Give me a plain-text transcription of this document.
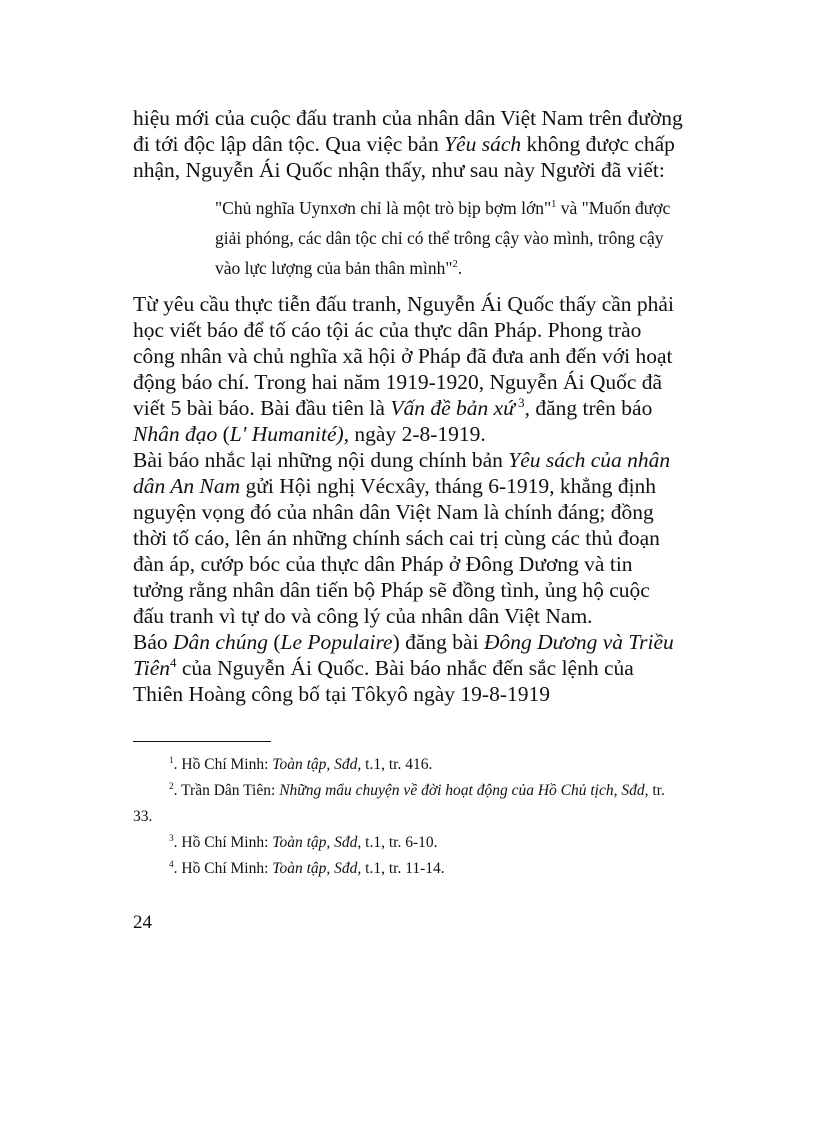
hiệu mới của cuộc đấu tranh của nhân dân Việt Nam trên đường đi tới độc lập dân tộc. Qua việc bản Yêu sách không được chấp nhận, Nguyễn Ái Quốc nhận thấy, như sau này Người đã viết:

"Chủ nghĩa Uynxơn chỉ là một trò bịp bợm lớn"$^1$ và "Muốn được giải phóng, các dân tộc chỉ có thể trông cậy vào mình, trông cậy vào lực lượng của bản thân mình"$^2$.

Từ yêu cầu thực tiễn đấu tranh, Nguyễn Ái Quốc thấy cần phải học viết báo để tố cáo tội ác của thực dân Pháp. Phong trào công nhân và chủ nghĩa xã hội ở Pháp đã đưa anh đến với hoạt động báo chí. Trong hai năm 1919-1920, Nguyễn Ái Quốc đã viết 5 bài báo. Bài đầu tiên là Vấn đề bản xứ $^3$, đăng trên báo Nhân đạo (L' Humanité), ngày 2-8-1919.

Bài báo nhắc lại những nội dung chính bản Yêu sách của nhân dân An Nam gửi Hội nghị Vécxây, tháng 6-1919, khẳng định nguyện vọng đó của nhân dân Việt Nam là chính đáng; đồng thời tố cáo, lên án những chính sách cai trị cùng các thủ đoạn đàn áp, cướp bóc của thực dân Pháp ở Đông Dương và tin tưởng rằng nhân dân tiến bộ Pháp sẽ đồng tình, ủng hộ cuộc đấu tranh vì tự do và công lý của nhân dân Việt Nam.

Báo Dân chúng (Le Populaire) đăng bài Đông Dương và Triều Tiên$^4$ của Nguyễn Ái Quốc. Bài báo nhắc đến sắc lệnh của Thiên Hoàng công bố tại Tôkyô ngày 19-8-1919

$^1$. Hồ Chí Minh: Toàn tập, Sđd, t.1, tr. 416.

$^2$. Trần Dân Tiên: Những mẩu chuyện về đời hoạt động của Hồ Chủ tịch, Sđd, tr. 33.

$^3$. Hồ Chí Minh: Toàn tập, Sđd, t.1, tr. 6-10.

$^4$. Hồ Chí Minh: Toàn tập, Sđd, t.1, tr. 11-14.

24
